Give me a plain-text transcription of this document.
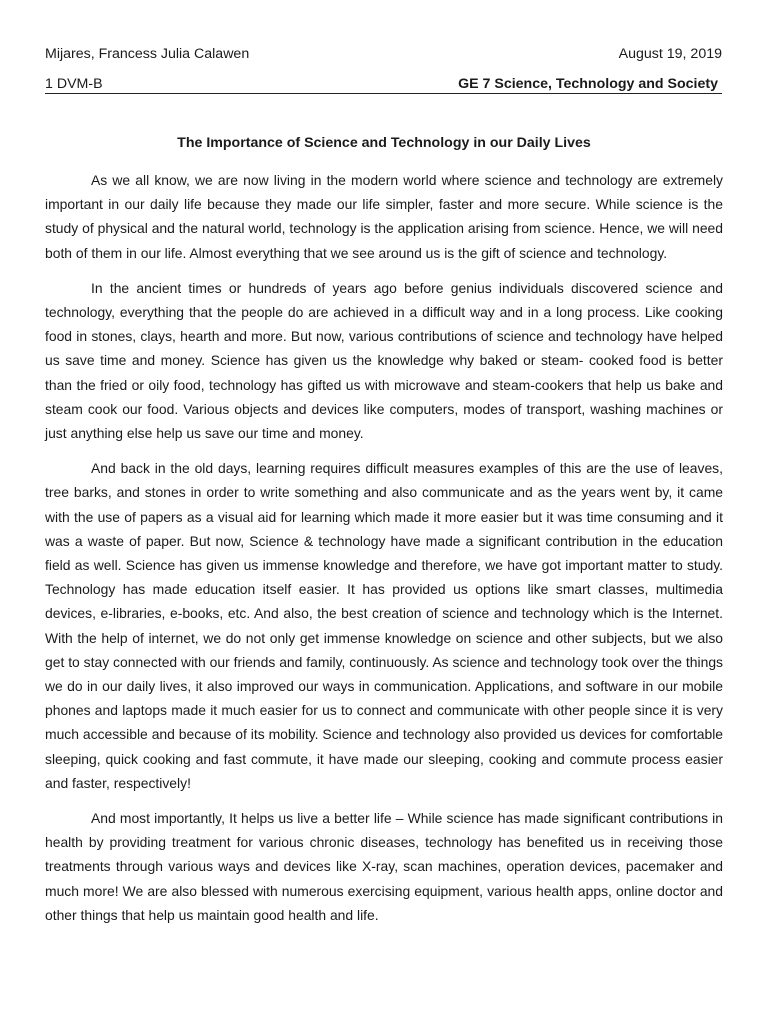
Mijares, Francess Julia Calawen	August 19, 2019
1 DVM-B	GE 7 Science, Technology and Society
The Importance of Science and Technology in our Daily Lives

As we all know, we are now living in the modern world where science and technology are extremely important in our daily life because they made our life simpler, faster and more secure. While science is the study of physical and the natural world, technology is the application arising from science. Hence, we will need both of them in our life. Almost everything that we see around us is the gift of science and technology.

In the ancient times or hundreds of years ago before genius individuals discovered science and technology, everything that the people do are achieved in a difficult way and in a long process. Like cooking food in stones, clays, hearth and more. But now, various contributions of science and technology have helped us save time and money. Science has given us the knowledge why baked or steam- cooked food is better than the fried or oily food, technology has gifted us with microwave and steam-cookers that help us bake and steam cook our food. Various objects and devices like computers, modes of transport, washing machines or just anything else help us save our time and money.

And back in the old days, learning requires difficult measures examples of this are the use of leaves, tree barks, and stones in order to write something and also communicate and as the years went by, it came with the use of papers as a visual aid for learning which made it more easier but it was time consuming and it was a waste of paper. But now, Science & technology have made a significant contribution in the education field as well. Science has given us immense knowledge and therefore, we have got important matter to study. Technology has made education itself easier. It has provided us options like smart classes, multimedia devices, e-libraries, e-books, etc. And also, the best creation of science and technology which is the Internet. With the help of internet, we do not only get immense knowledge on science and other subjects, but we also get to stay connected with our friends and family, continuously. As science and technology took over the things we do in our daily lives, it also improved our ways in communication. Applications, and software in our mobile phones and laptops made it much easier for us to connect and communicate with other people since it is very much accessible and because of its mobility. Science and technology also provided us devices for comfortable sleeping, quick cooking and fast commute, it have made our sleeping, cooking and commute process easier and faster, respectively!

And most importantly, It helps us live a better life – While science has made significant contributions in health by providing treatment for various chronic diseases, technology has benefited us in receiving those treatments through various ways and devices like X-ray, scan machines, operation devices, pacemaker and much more! We are also blessed with numerous exercising equipment, various health apps, online doctor and other things that help us maintain good health and life.
